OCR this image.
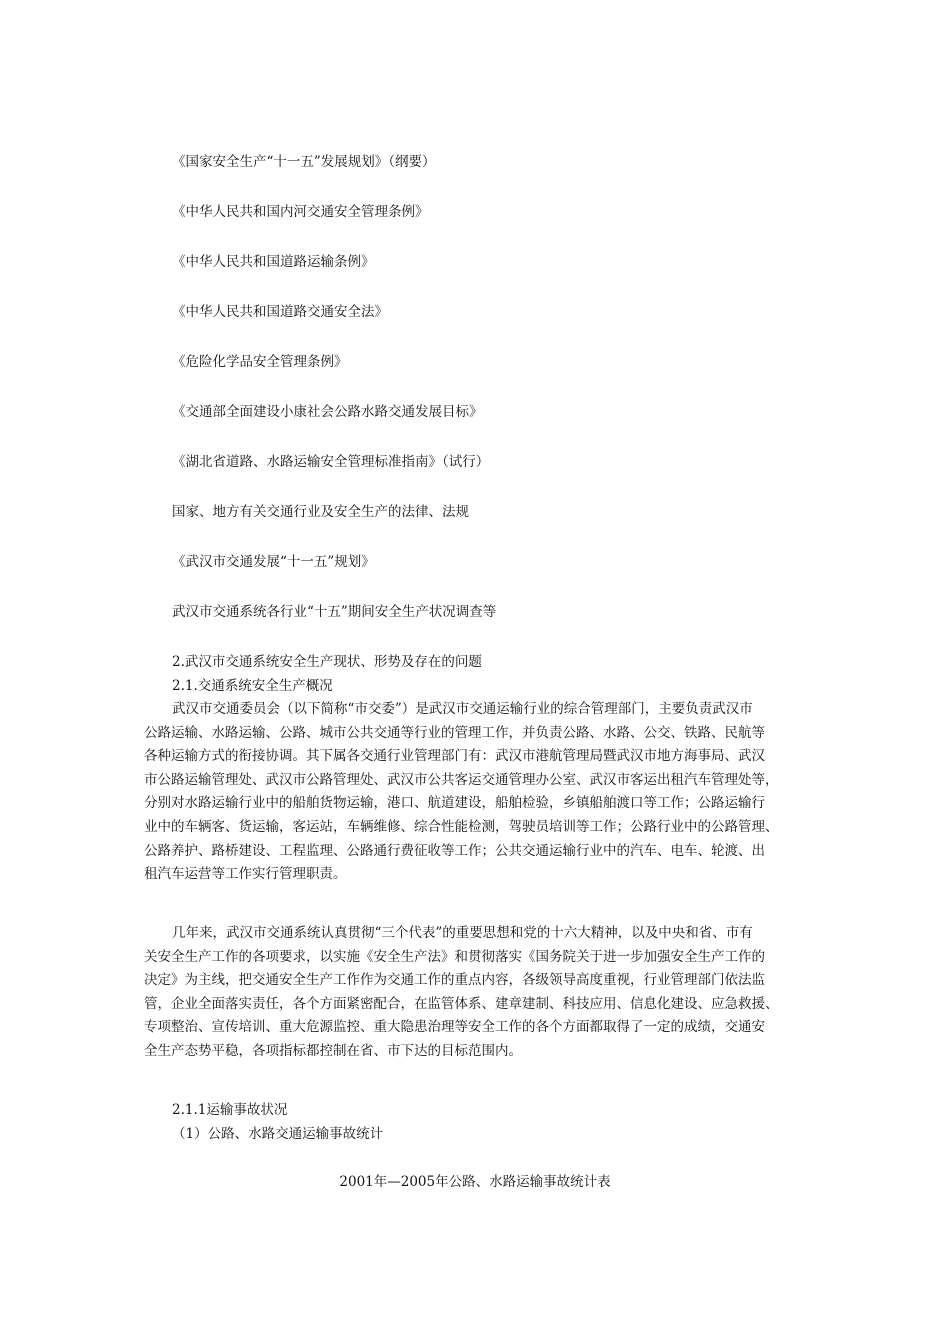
《国家安全生产“十一五”发展规划》（纲要）
《中华人民共和国内河交通安全管理条例》
《中华人民共和国道路运输条例》
《中华人民共和国道路交通安全法》
《危险化学品安全管理条例》
《交通部全面建设小康社会公路水路交通发展目标》
《湖北省道路、水路运输安全管理标准指南》（试行）
国家、地方有关交通行业及安全生产的法律、法规
《武汉市交通发展“十一五”规划》
武汉市交通系统各行业“十五”期间安全生产状况调查等
2.武汉市交通系统安全生产现状、形势及存在的问题
2.1.交通系统安全生产概况
武汉市交通委员会（以下简称“市交委”）是武汉市交通运输行业的综合管理部门，主要负责武汉市
公路运输、水路运输、公路、城市公共交通等行业的管理工作，并负责公路、水路、公交、铁路、民航等
各种运输方式的衔接协调。其下属各交通行业管理部门有：武汉市港航管理局暨武汉市地方海事局、武汉
市公路运输管理处、武汉市公路管理处、武汉市公共客运交通管理办公室、武汉市客运出租汽车管理处等，
分别对水路运输行业中的船舶货物运输，港口、航道建设，船舶检验，乡镇船舶渡口等工作；公路运输行
业中的车辆客、货运输，客运站，车辆维修、综合性能检测，驾驶员培训等工作；公路行业中的公路管理、
公路养护、路桥建设、工程监理、公路通行费征收等工作；公共交通运输行业中的汽车、电车、轮渡、出
租汽车运营等工作实行管理职责。
几年来，武汉市交通系统认真贯彻“三个代表”的重要思想和党的十六大精神，以及中央和省、市有
关安全生产工作的各项要求，以实施《安全生产法》和贯彻落实《国务院关于进一步加强安全生产工作的
决定》为主线，把交通安全生产工作作为交通工作的重点内容，各级领导高度重视，行业管理部门依法监
管，企业全面落实责任，各个方面紧密配合，在监管体系、建章建制、科技应用、信息化建设、应急救援、
专项整治、宣传培训、重大危源监控、重大隐患治理等安全工作的各个方面都取得了一定的成绩，交通安
全生产态势平稳，各项指标都控制在省、市下达的目标范围内。
2.1.1运输事故状况
（1）公路、水路交通运输事故统计
2001年—2005年公路、水路运输事故统计表
